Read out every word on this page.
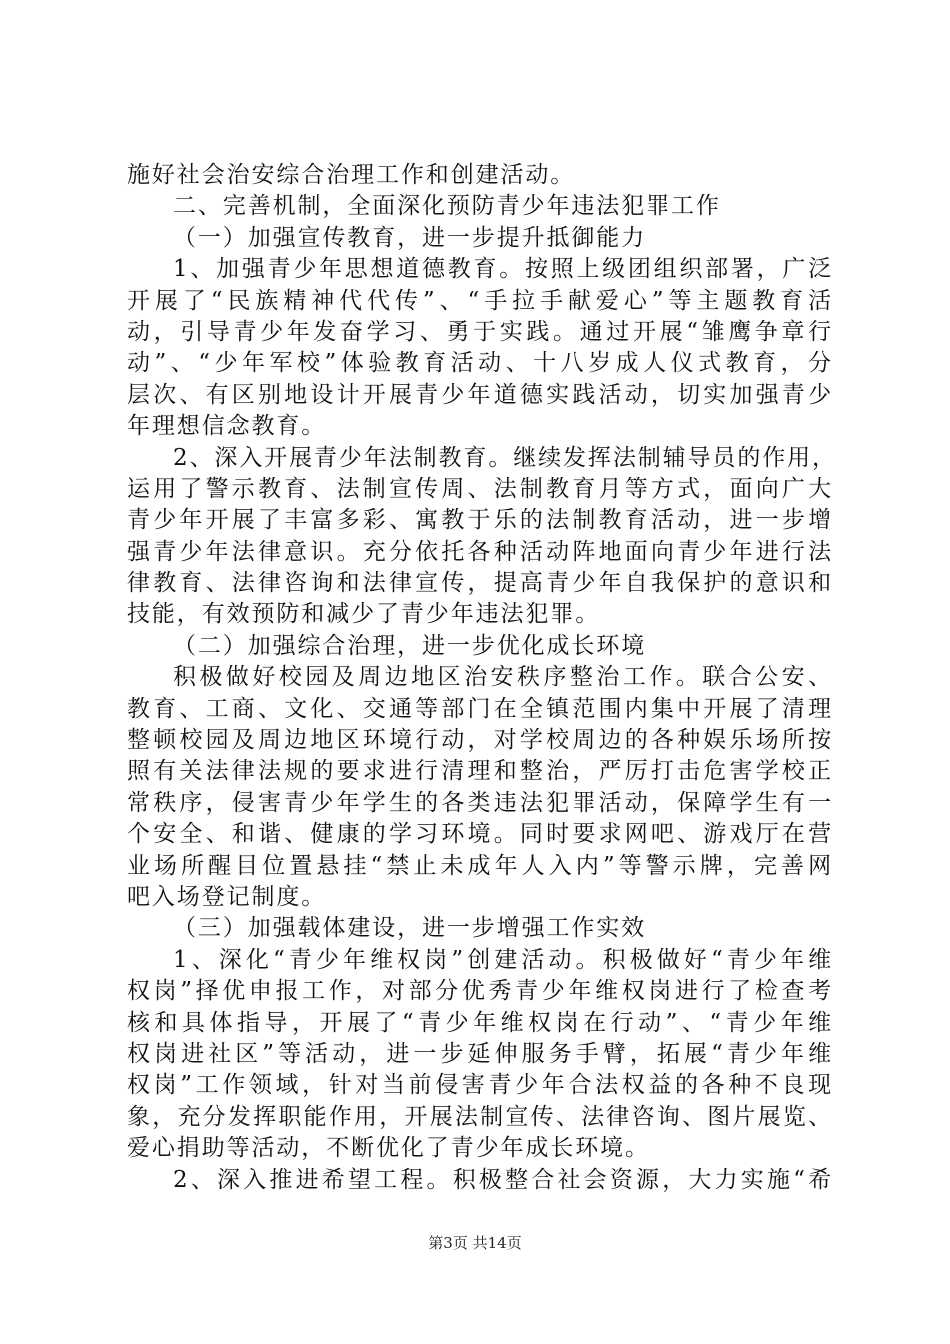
施好社会治安综合治理工作和创建活动。
二、完善机制，全面深化预防青少年违法犯罪工作
（一）加强宣传教育，进一步提升抵御能力
1、加强青少年思想道德教育。按照上级团组织部署，广泛
开展了“民族精神代代传”、“手拉手献爱心”等主题教育活
动，引导青少年发奋学习、勇于实践。通过开展“雏鹰争章行
动”、“少年军校”体验教育活动、十八岁成人仪式教育，分
层次、有区别地设计开展青少年道德实践活动，切实加强青少
年理想信念教育。
2、深入开展青少年法制教育。继续发挥法制辅导员的作用，
运用了警示教育、法制宣传周、法制教育月等方式，面向广大
青少年开展了丰富多彩、寓教于乐的法制教育活动，进一步增
强青少年法律意识。充分依托各种活动阵地面向青少年进行法
律教育、法律咨询和法律宣传，提高青少年自我保护的意识和
技能，有效预防和减少了青少年违法犯罪。
（二）加强综合治理，进一步优化成长环境
积极做好校园及周边地区治安秩序整治工作。联合公安、
教育、工商、文化、交通等部门在全镇范围内集中开展了清理
整顿校园及周边地区环境行动，对学校周边的各种娱乐场所按
照有关法律法规的要求进行清理和整治，严厉打击危害学校正
常秩序，侵害青少年学生的各类违法犯罪活动，保障学生有一
个安全、和谐、健康的学习环境。同时要求网吧、游戏厅在营
业场所醒目位置悬挂“禁止未成年人入内”等警示牌，完善网
吧入场登记制度。
（三）加强载体建设，进一步增强工作实效
1、深化“青少年维权岗”创建活动。积极做好“青少年维
权岗”择优申报工作，对部分优秀青少年维权岗进行了检查考
核和具体指导，开展了“青少年维权岗在行动”、“青少年维
权岗进社区”等活动，进一步延伸服务手臂，拓展“青少年维
权岗”工作领域，针对当前侵害青少年合法权益的各种不良现
象，充分发挥职能作用，开展法制宣传、法律咨询、图片展览、
爱心捐助等活动，不断优化了青少年成长环境。
2、深入推进希望工程。积极整合社会资源，大力实施“希
第3页 共14页
